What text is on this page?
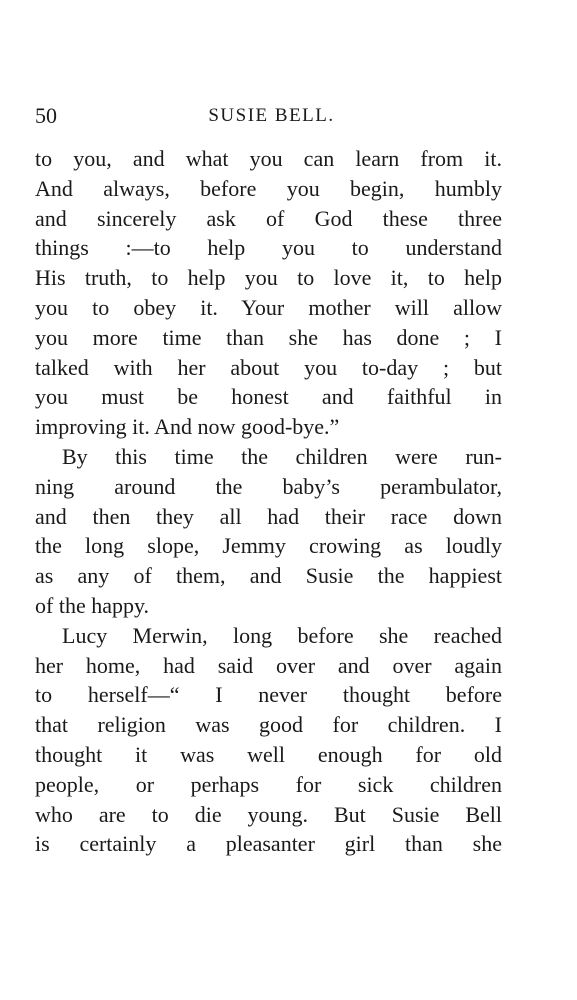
50	SUSIE BELL.
to you, and what you can learn from it.
And always, before you begin, humbly
and sincerely ask of God these three
things :—to help you to understand
His truth, to help you to love it, to help
you to obey it. Your mother will allow
you more time than she has done ; I
talked with her about you to-day ; but
you must be honest and faithful in
improving it. And now good-bye.”
By this time the children were run-
ning around the baby’s perambulator,
and then they all had their race down
the long slope, Jemmy crowing as loudly
as any of them, and Susie the happiest
of the happy.
Lucy Merwin, long before she reached
her home, had said over and over again
to herself—“ I never thought before
that religion was good for children. I
thought it was well enough for old
people, or perhaps for sick children
who are to die young. But Susie Bell
is certainly a pleasanter girl than she
